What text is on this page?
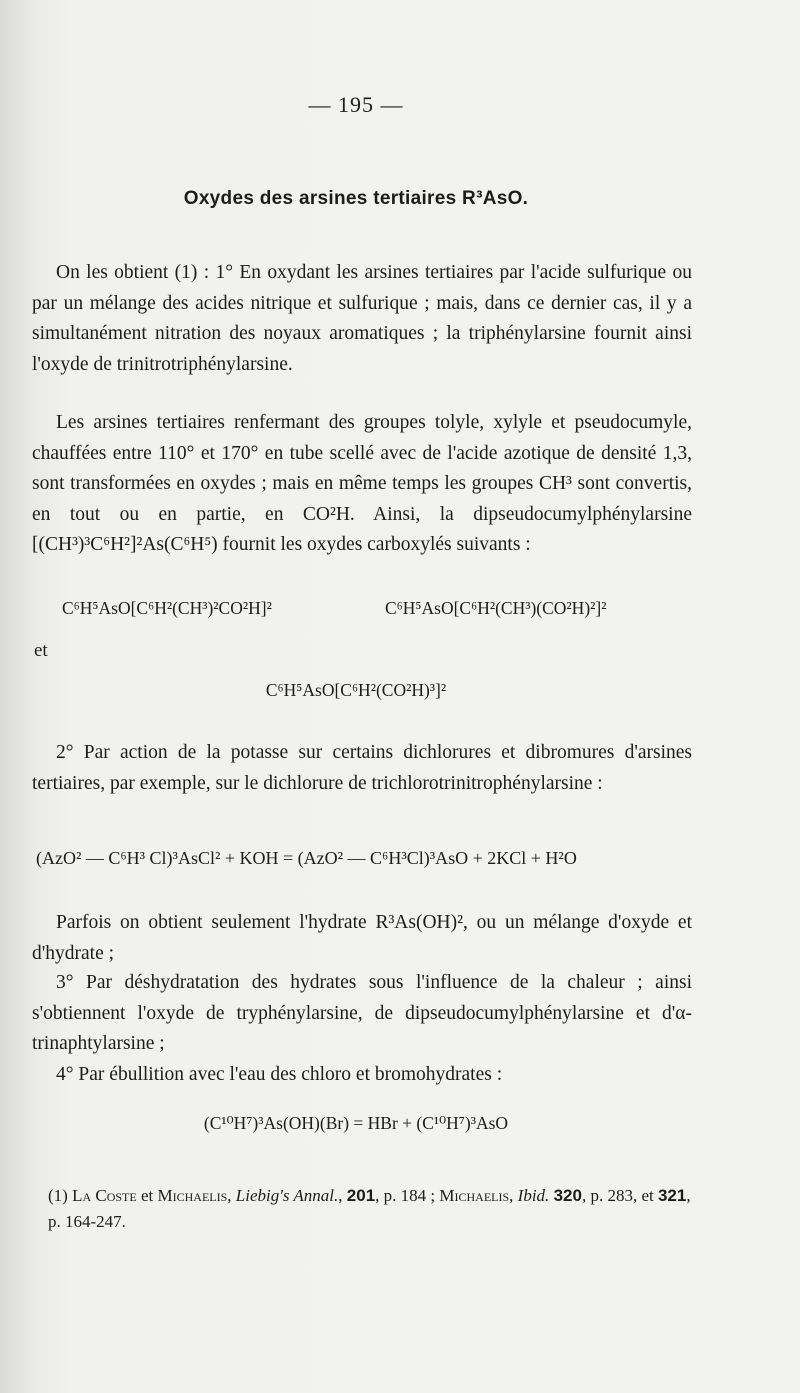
— 195 —
Oxydes des arsines tertiaires R³AsO.
On les obtient (1) : 1° En oxydant les arsines tertiaires par l'acide sulfurique ou par un mélange des acides nitrique et sulfurique ; mais, dans ce dernier cas, il y a simultanément nitration des noyaux aromatiques ; la triphénylarsine fournit ainsi l'oxyde de trinitrotriphénylarsine.
Les arsines tertiaires renfermant des groupes tolyle, xylyle et pseudocumyle, chauffées entre 110° et 170° en tube scellé avec de l'acide azotique de densité 1,3, sont transformées en oxydes ; mais en même temps les groupes CH³ sont convertis, en tout ou en partie, en CO²H. Ainsi, la dipseudocumylphénylarsine [(CH³)³C⁶H²]²As(C⁶H⁵) fournit les oxydes carboxylés suivants :
C⁶H⁵AsO[C⁶H²(CH³)²CO²H]²	C⁶H⁵AsO[C⁶H²(CH³)(CO²H)²]²
et
C⁶H⁵AsO[C⁶H²(CO²H)³]²
2° Par action de la potasse sur certains dichlorures et dibromures d'arsines tertiaires, par exemple, sur le dichlorure de trichlorotrinitrophénylarsine :
(AzO² — C⁶H³ Cl)³AsCl² + KOH = (AzO² — C⁶H³Cl)³AsO + 2KCl + H²O
Parfois on obtient seulement l'hydrate R³As(OH)², ou un mélange d'oxyde et d'hydrate ;
3° Par déshydratation des hydrates sous l'influence de la chaleur ; ainsi s'obtiennent l'oxyde de tryphénylarsine, de dipseudocumylphénylarsine et d'α-trinaphtylarsine ;
4° Par ébullition avec l'eau des chloro et bromohydrates :
(C¹⁰H⁷)³As(OH)(Br) = HBr + (C¹⁰H⁷)³AsO
(1) La Coste et Michaelis, Liebig's Annal., 201, p. 184 ; Michaelis, Ibid. 320, p. 283, et 321, p. 164-247.
